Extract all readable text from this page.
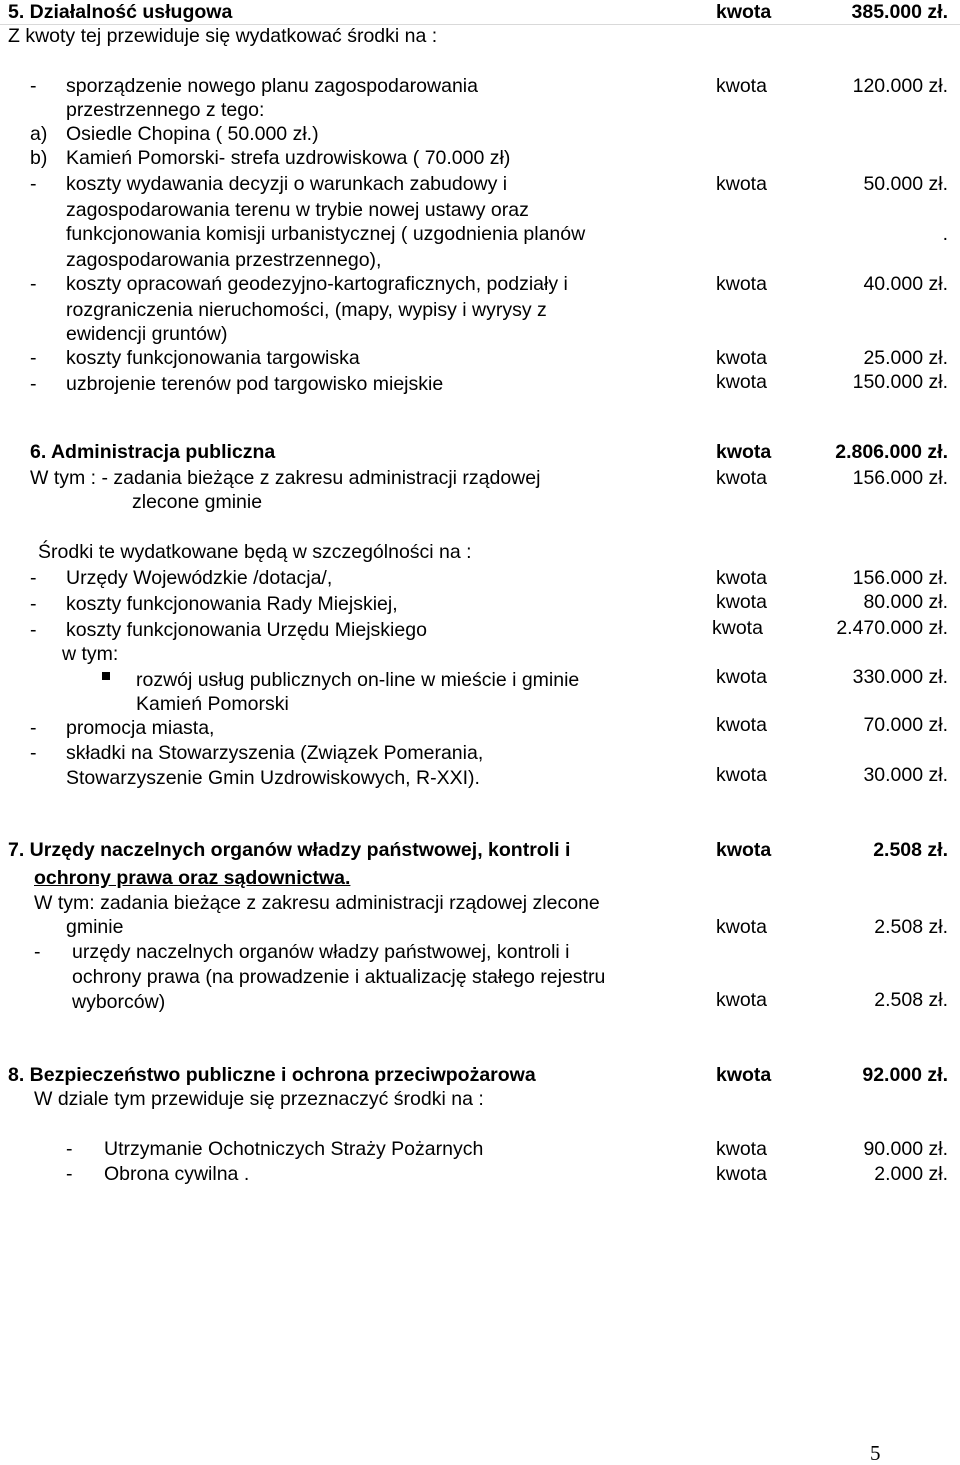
5. Działalność usługowa	kwota	385.000 zł.
Z kwoty tej przewiduje się wydatkować środki na :
- sporządzenie nowego planu zagospodarowania	kwota	120.000 zł.
przestrzennego z tego:
a) Osiedle Chopina ( 50.000 zł.)
b) Kamień Pomorski- strefa uzdrowiskowa ( 70.000 zł)
- koszty wydawania decyzji o warunkach zabudowy i	kwota	50.000 zł.
zagospodarowania terenu w trybie nowej ustawy oraz
funkcjonowania komisji urbanistycznej ( uzgodnienia planów	.
zagospodarowania przestrzennego),
- koszty opracowań geodezyjno-kartograficznych, podziały i	kwota	40.000 zł.
rozgraniczenia nieruchomości, (mapy, wypisy i wyrysy z
ewidencji gruntów)
- koszty funkcjonowania targowiska	kwota	25.000 zł.
- uzbrojenie terenów pod targowisko miejskie	kwota	150.000 zł.
6. Administracja publiczna	kwota	2.806.000 zł.
W tym : - zadania bieżące z zakresu administracji rządowej	kwota	156.000 zł.
zlecone gminie
Środki te wydatkowane będą w szczególności na :
- Urzędy Wojewódzkie /dotacja/,	kwota	156.000 zł.
- koszty funkcjonowania Rady Miejskiej,	kwota	80.000 zł.
- koszty funkcjonowania Urzędu Miejskiego	kwota	2.470.000 zł.
w tym:
rozwój usług publicznych on-line w mieście i gminie	kwota	330.000 zł.
Kamień Pomorski
- promocja miasta,	kwota	70.000 zł.
- składki na Stowarzyszenia (Związek Pomerania,
Stowarzyszenie Gmin Uzdrowiskowych, R-XXI).	kwota	30.000 zł.
7. Urzędy naczelnych organów władzy państwowej, kontroli i	kwota	2.508 zł.
ochrony prawa oraz sądownictwa.
W tym: zadania bieżące z zakresu administracji rządowej zlecone
gminie	kwota	2.508 zł.
- urzędy naczelnych organów władzy państwowej, kontroli i
ochrony prawa (na prowadzenie i aktualizację stałego rejestru
wyborców)	kwota	2.508 zł.
8. Bezpieczeństwo publiczne i ochrona przeciwpożarowa	kwota	92.000 zł.
W dziale tym przewiduje się przeznaczyć środki na :
- Utrzymanie Ochotniczych Straży Pożarnych	kwota	90.000 zł.
- Obrona cywilna .	kwota	2.000 zł.
5
